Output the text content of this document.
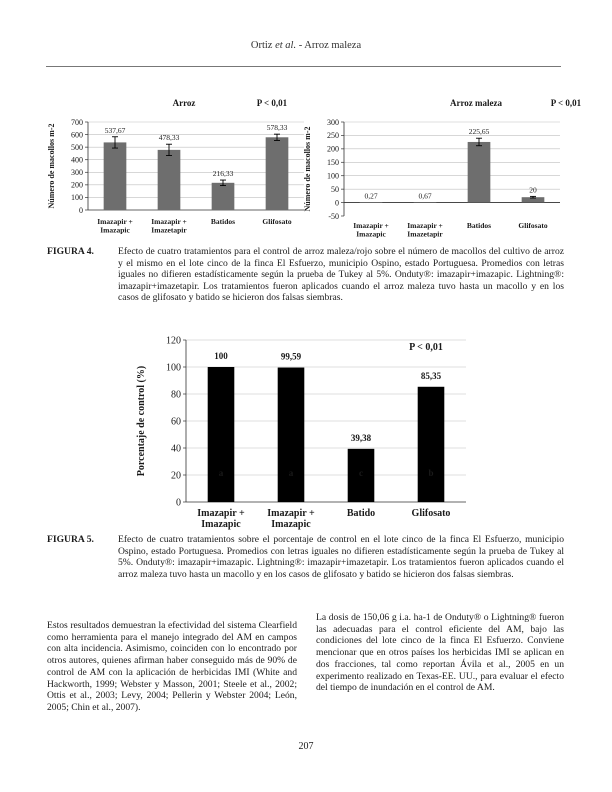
Ortiz et al. - Arroz maleza
Arroz	P < 0,01
0
100
200
300
400
500
600
700
Número de macollos m-2	537,67
Imazapir +
Imazapic
478,33
Imazapir +
Imazetapir
216,33
Batidos
578,33
Glifosato
Arroz maleza	P < 0,01
-50
0
50
100
150
200
250
300
Número de macollos m-2	0,27
Imazapir +
Imazapic
0,67
Imazapir +
Imazetapir
225,65
Batidos
20
Glifosato
FIGURA 4.	Efecto de cuatro tratamientos para el control de arroz maleza/rojo sobre el número de macollos del cultivo de arroz y el mismo en el lote cinco de la finca El Esfuerzo, municipio Ospino, estado Portuguesa. Promedios con letras iguales no difieren estadísticamente según la prueba de Tukey al 5%. Onduty®: imazapir+imazapic. Lightning®: imazapir+imazetapir. Los tratamientos fueron aplicados cuando el arroz maleza tuvo hasta un macollo y en los casos de glifosato y batido se hicieron dos falsas siembras.
P < 0,01
0
20
40
60
80
100
120
Porcentaje de control (%)
100
a
Imazapir +
Imazapic
99,59
a
Imazapir +
Imazapic
39,38
c
Batido
85,35
b
Glifosato
FIGURA 5.	Efecto de cuatro tratamientos sobre el porcentaje de control en el lote cinco de la finca El Esfuerzo, municipio Ospino, estado Portuguesa. Promedios con letras iguales no difieren estadísticamente según la prueba de Tukey al 5%. Onduty®: imazapir+imazapic. Lightning®: imazapir+imazetapir. Los tratamientos fueron aplicados cuando el arroz maleza tuvo hasta un macollo y en los casos de glifosato y batido se hicieron dos falsas siembras.
Estos resultados demuestran la efectividad del sistema Clearfield como herramienta para el manejo integrado del AM en campos con alta incidencia. Asimismo, coinciden con lo encontrado por otros autores, quienes afirman haber conseguido más de 90% de control de AM con la aplicación de herbicidas IMI (White and Hackworth, 1999; Webster y Masson, 2001; Steele et al., 2002; Ottis et al., 2003; Levy, 2004; Pellerin y Webster 2004; León, 2005; Chin et al., 2007).
La dosis de 150,06 g i.a. ha-1 de Onduty® o Lightning® fueron las adecuadas para el control eficiente del AM, bajo las condiciones del lote cinco de la finca El Esfuerzo. Conviene mencionar que en otros países los herbicidas IMI se aplican en dos fracciones, tal como reportan Ávila et al., 2005 en un experimento realizado en Texas-EE. UU., para evaluar el efecto del tiempo de inundación en el control de AM.
207
